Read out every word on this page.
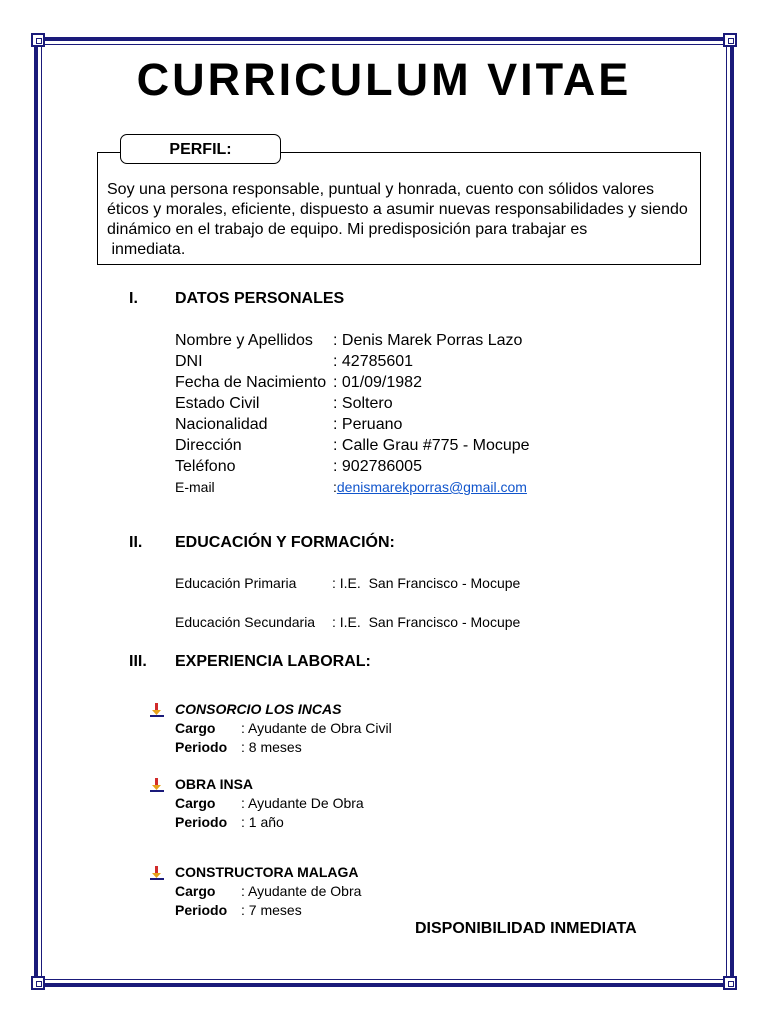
CURRICULUM VITAE
PERFIL:
Soy una persona responsable, puntual y honrada, cuento con sólidos valores
éticos y morales, eficiente, dispuesto a asumir nuevas responsabilidades y siendo
dinámico en el trabajo de equipo. Mi predisposición para trabajar es
inmediata.
I. DATOS PERSONALES
Nombre y Apellidos : Denis Marek Porras Lazo
DNI	: 42785601
Fecha de Nacimiento : 01/09/1982
Estado Civil	: Soltero
Nacionalidad	: Peruano
Dirección	: Calle Grau #775 - Mocupe
Teléfono	: 902786005
E-mail	:denismarekporras@gmail.com
II. EDUCACIÓN Y FORMACIÓN:
Educación Primaria	: I.E.  San Francisco - Mocupe
Educación Secundaria : I.E.  San Francisco - Mocupe
III. EXPERIENCIA LABORAL:
CONSORCIO LOS INCAS
Cargo : Ayudante de Obra Civil
Periodo : 8 meses
OBRA INSA
Cargo : Ayudante De Obra
Periodo : 1 año
CONSTRUCTORA MALAGA
Cargo : Ayudante de Obra
Periodo : 7 meses
DISPONIBILIDAD INMEDIATA
